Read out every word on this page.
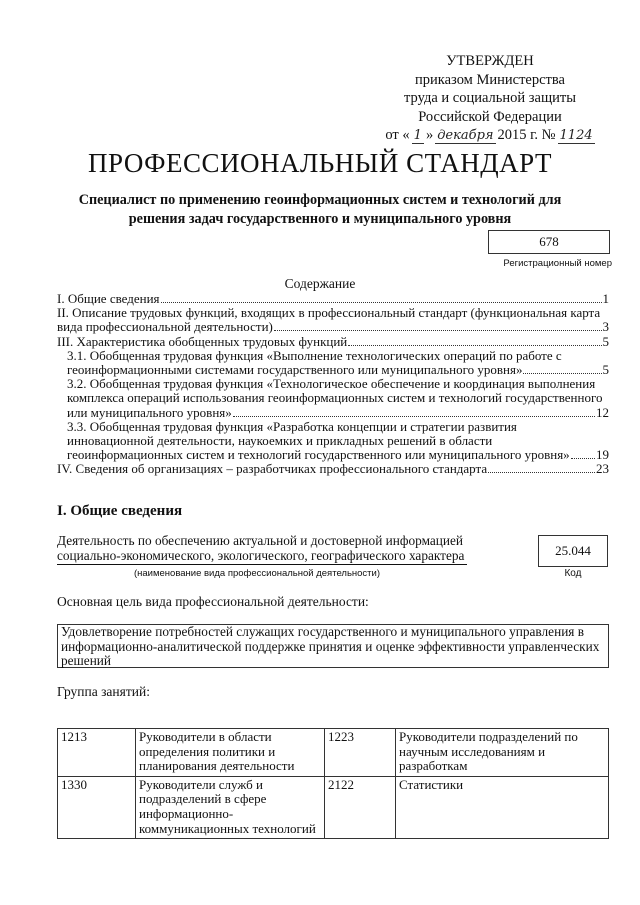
УТВЕРЖДЕН
приказом Министерства
труда и социальной защиты
Российской Федерации
от « 1 » декабря 2015 г. № 1124
ПРОФЕССИОНАЛЬНЫЙ СТАНДАРТ
Специалист по применению геоинформационных систем и технологий для решения задач государственного и муниципального уровня
678
Регистрационный номер
Содержание
I. Общие сведения	1
II. Описание трудовых функций, входящих в профессиональный стандарт (функциональная карта
вида профессиональной деятельности)	3
III. Характеристика обобщенных трудовых функций	5
3.1. Обобщенная трудовая функция «Выполнение технологических операций по работе с
геоинформационными системами государственного или муниципального уровня»	5
3.2. Обобщенная трудовая функция «Технологическое обеспечение и координация выполнения
комплекса операций использования геоинформационных систем и технологий государственного
или муниципального уровня»	12
3.3. Обобщенная трудовая функция «Разработка концепции и стратегии развития
инновационной деятельности, наукоемких и прикладных решений в области
геоинформационных систем и технологий государственного или муниципального уровня» 19
IV. Сведения об организациях – разработчиках профессионального стандарта	23
I. Общие сведения
Деятельность по обеспечению актуальной и достоверной информацией социально-экономического, экологического, географического характера
(наименование вида профессиональной деятельности)
25.044
Код
Основная цель вида профессиональной деятельности:
Удовлетворение потребностей служащих государственного и муниципального управления в информационно-аналитической поддержке принятия и оценке эффективности управленческих решений
Группа занятий:
1213	Руководители в области определения политики и планирования деятельности	1223	Руководители подразделений по научным исследованиям и разработкам
1330	Руководители служб и подразделений в сфере информационно-коммуникационных технологий	2122	Статистики
